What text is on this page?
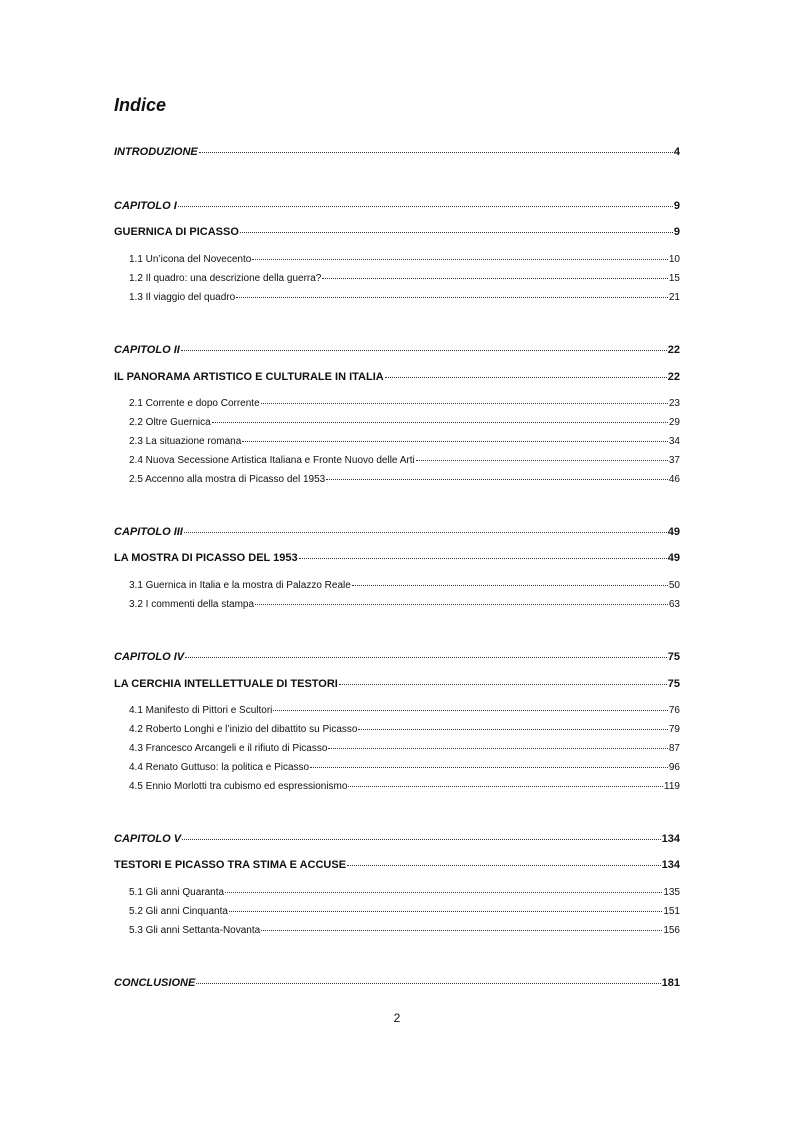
Indice
INTRODUZIONE	4
CAPITOLO I	9
GUERNICA DI PICASSO	9
1.1 Un’icona del Novecento	10
1.2 Il quadro: una descrizione della guerra?	15
1.3 Il viaggio del quadro	21
CAPITOLO II	22
IL PANORAMA ARTISTICO E CULTURALE IN ITALIA	22
2.1 Corrente e dopo Corrente	23
2.2 Oltre Guernica	29
2.3 La situazione romana	34
2.4 Nuova Secessione Artistica Italiana e Fronte Nuovo delle Arti	37
2.5 Accenno alla mostra di Picasso del 1953	46
CAPITOLO III	49
LA MOSTRA DI PICASSO DEL 1953	49
3.1 Guernica in Italia e la mostra di Palazzo Reale	50
3.2 I commenti della stampa	63
CAPITOLO IV	75
LA CERCHIA INTELLETTUALE DI TESTORI	75
4.1 Manifesto di Pittori e Scultori	76
4.2 Roberto Longhi e l’inizio del dibattito su Picasso	79
4.3 Francesco Arcangeli e il rifiuto di Picasso	87
4.4 Renato Guttuso: la politica e Picasso	96
4.5 Ennio Morlotti tra cubismo ed espressionismo	119
CAPITOLO V	134
TESTORI E PICASSO TRA STIMA E ACCUSE	134
5.1 Gli anni Quaranta	135
5.2 Gli anni Cinquanta	151
5.3 Gli anni Settanta-Novanta	156
CONCLUSIONE	181
2
